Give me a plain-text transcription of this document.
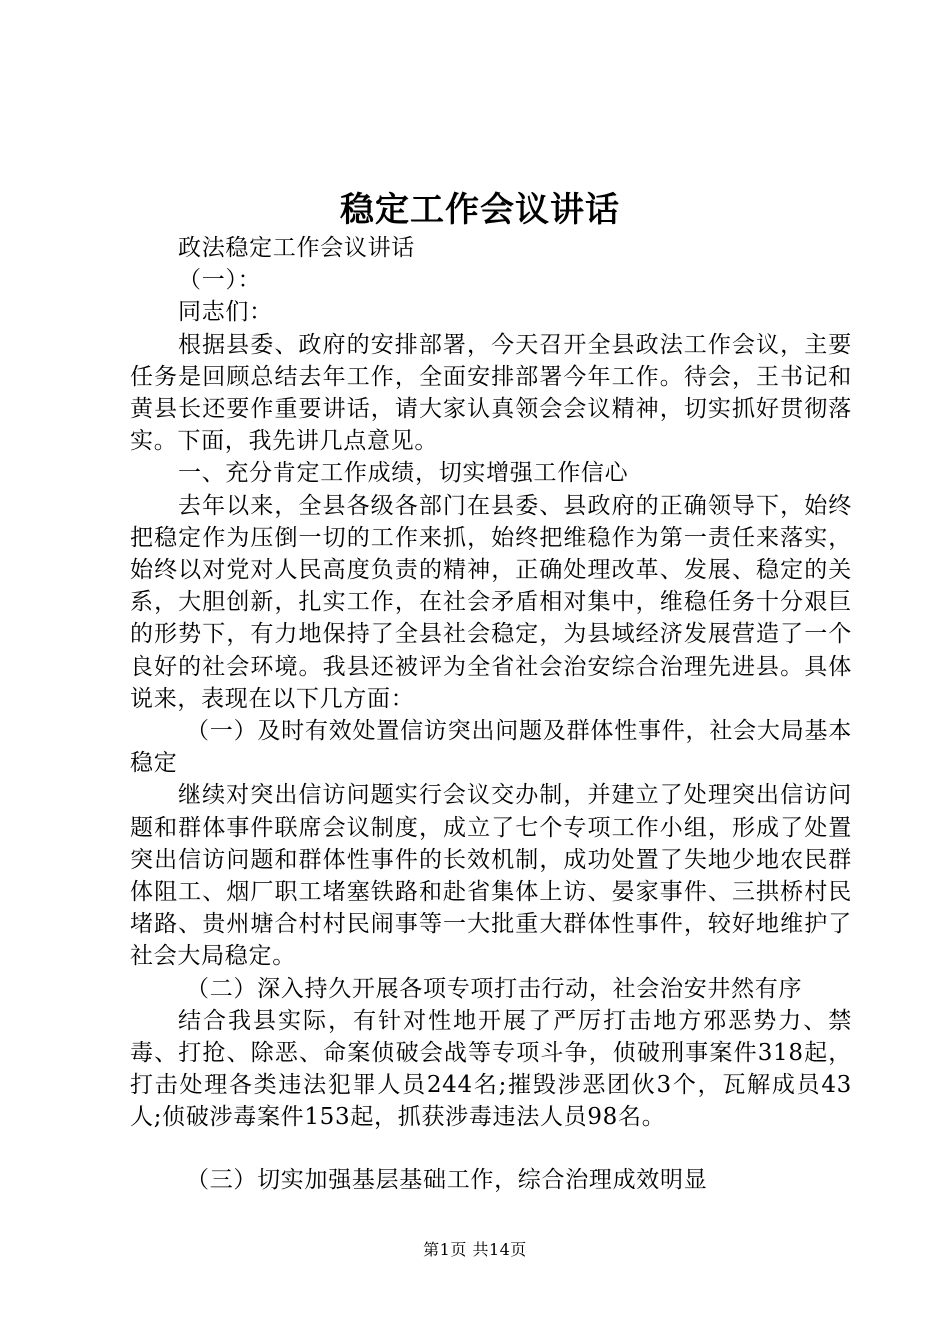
稳定工作会议讲话

政法稳定工作会议讲话

（一）：

同志们：

根据县委、政府的安排部署，今天召开全县政法工作会议，主要任务是回顾总结去年工作，全面安排部署今年工作。待会，王书记和黄县长还要作重要讲话，请大家认真领会会议精神，切实抓好贯彻落实。下面，我先讲几点意见。

一、充分肯定工作成绩，切实增强工作信心

去年以来，全县各级各部门在县委、县政府的正确领导下，始终把稳定作为压倒一切的工作来抓，始终把维稳作为第一责任来落实，始终以对党对人民高度负责的精神，正确处理改革、发展、稳定的关系，大胆创新，扎实工作，在社会矛盾相对集中，维稳任务十分艰巨的形势下，有力地保持了全县社会稳定，为县域经济发展营造了一个良好的社会环境。我县还被评为全省社会治安综合治理先进县。具体说来，表现在以下几方面：

（一）及时有效处置信访突出问题及群体性事件，社会大局基本稳定

继续对突出信访问题实行会议交办制，并建立了处理突出信访问题和群体事件联席会议制度，成立了七个专项工作小组，形成了处置突出信访问题和群体性事件的长效机制，成功处置了失地少地农民群体阻工、烟厂职工堵塞铁路和赴省集体上访、晏家事件、三拱桥村民堵路、贵州塘合村村民闹事等一大批重大群体性事件，较好地维护了社会大局稳定。

（二）深入持久开展各项专项打击行动，社会治安井然有序

结合我县实际，有针对性地开展了严厉打击地方邪恶势力、禁毒、打抢、除恶、命案侦破会战等专项斗争，侦破刑事案件318起，打击处理各类违法犯罪人员244名;摧毁涉恶团伙3个，瓦解成员43人;侦破涉毒案件153起，抓获涉毒违法人员98名。

（三）切实加强基层基础工作，综合治理成效明显

第1页 共14页
